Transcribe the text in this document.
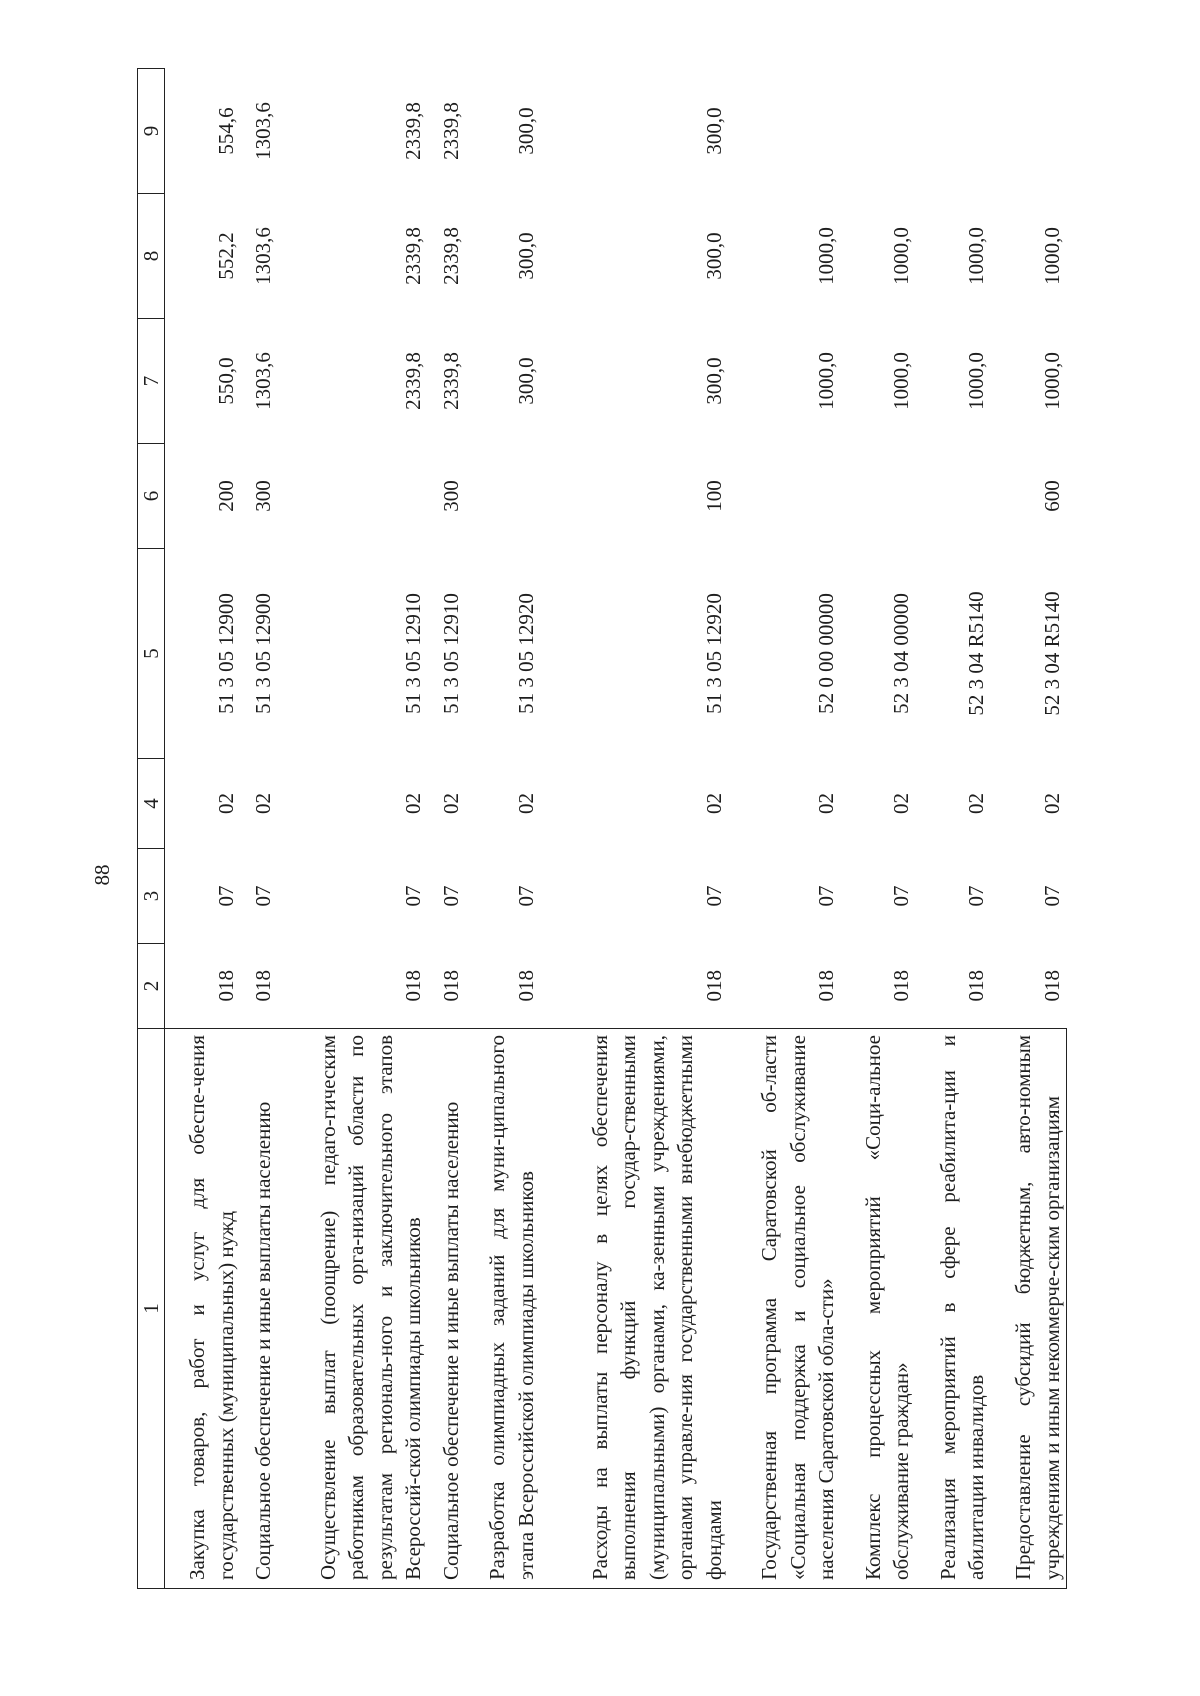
88
1	2	3	4	5	6	7	8	9
Закупка товаров, работ и услуг для обеспе-чения государственных (муниципальных) нужд	018	07	02	51 3 05 12900	200	550,0	552,2	554,6
Социальное обеспечение и иные выплаты населению	018	07	02	51 3 05 12900	300	1303,6	1303,6	1303,6
Осуществление выплат (поощрение) педаго-гическим работникам образовательных орга-низаций области по результатам региональ-ного и заключительного этапов Всероссий-ской олимпиады школьников	018	07	02	51 3 05 12910		2339,8	2339,8	2339,8
Социальное обеспечение и иные выплаты населению	018	07	02	51 3 05 12910	300	2339,8	2339,8	2339,8
Разработка олимпиадных заданий для муни-ципального этапа Всероссийской олимпиады школьников	018	07	02	51 3 05 12920		300,0	300,0	300,0
Расходы на выплаты персоналу в целях обеспечения выполнения функций государ-ственными (муниципальными) органами, ка-зенными учреждениями, органами управле-ния государственными внебюджетными фондами	018	07	02	51 3 05 12920	100	300,0	300,0	300,0
Государственная программа Саратовской об-ласти «Социальная поддержка и социальное обслуживание населения Саратовской обла-сти»	018	07	02	52 0 00 00000		1000,0	1000,0	
Комплекс процессных мероприятий «Соци-альное обслуживание граждан»	018	07	02	52 3 04 00000		1000,0	1000,0	
Реализация мероприятий в сфере реабилита-ции и абилитации инвалидов	018	07	02	52 3 04 R5140		1000,0	1000,0	
Предоставление субсидий бюджетным, авто-номным учреждениям и иным некоммерче-ским организациям	018	07	02	52 3 04 R5140	600	1000,0	1000,0	
